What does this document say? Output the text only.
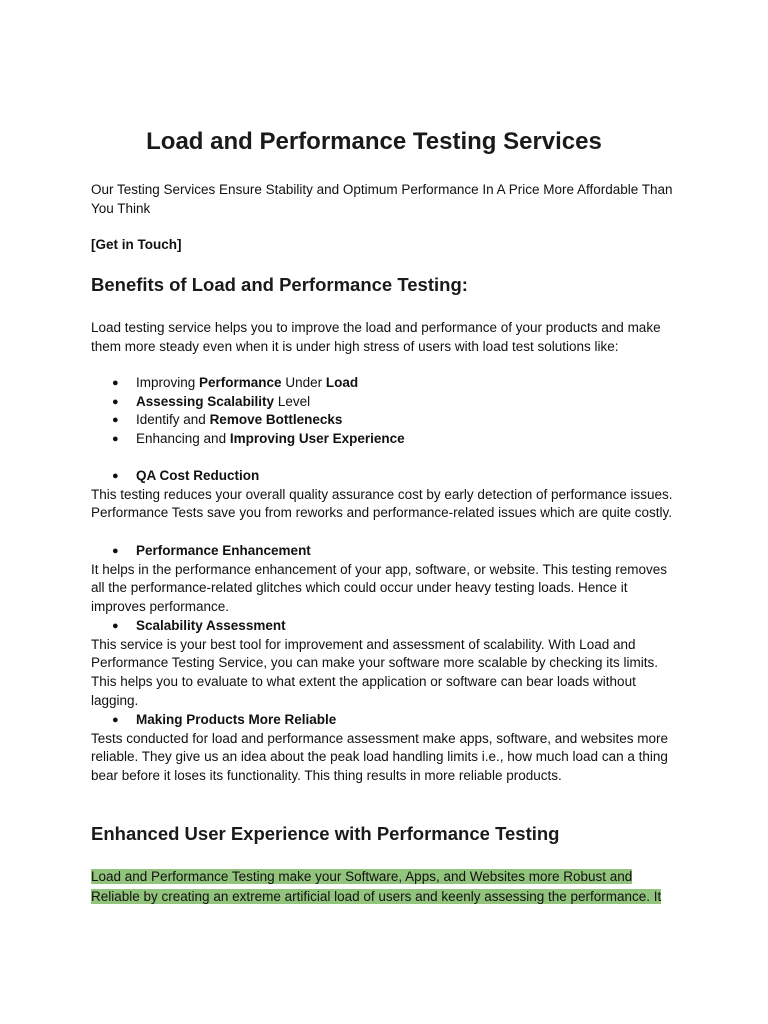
Load and Performance Testing Services

Our Testing Services Ensure Stability and Optimum Performance In A Price More Affordable Than You Think

[Get in Touch]

Benefits of Load and Performance Testing:

Load testing service helps you to improve the load and performance of your products and make them more steady even when it is under high stress of users with load test solutions like:

● Improving Performance Under Load
● Assessing Scalability Level
● Identify and Remove Bottlenecks
● Enhancing and Improving User Experience

● QA Cost Reduction

This testing reduces your overall quality assurance cost by early detection of performance issues. Performance Tests save you from reworks and performance-related issues which are quite costly.

● Performance Enhancement

It helps in the performance enhancement of your app, software, or website. This testing removes all the performance-related glitches which could occur under heavy testing loads. Hence it improves performance.

● Scalability Assessment

This service is your best tool for improvement and assessment of scalability. With Load and Performance Testing Service, you can make your software more scalable by checking its limits. This helps you to evaluate to what extent the application or software can bear loads without lagging.

● Making Products More Reliable

Tests conducted for load and performance assessment make apps, software, and websites more reliable. They give us an idea about the peak load handling limits i.e., how much load can a thing bear before it loses its functionality. This thing results in more reliable products.

Enhanced User Experience with Performance Testing

Load and Performance Testing make your Software, Apps, and Websites more Robust and
Reliable by creating an extreme artificial load of users and keenly assessing the performance. It
